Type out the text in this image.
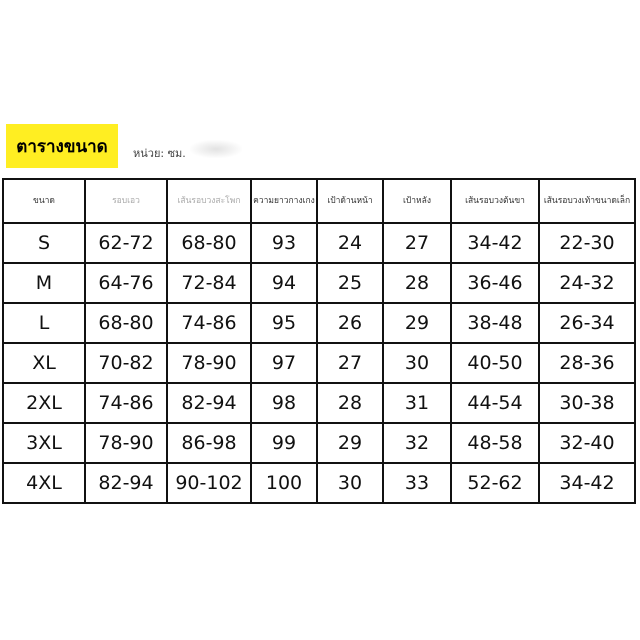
ตารางขนาด หน่วย: ซม.
ขนาด	รอบเอว	เส้นรอบวงสะโพก	ความยาวกางเกง	เป้าด้านหน้า	เป้าหลัง	เส้นรอบวงต้นขา	เส้นรอบวงเท้าขนาดเล็ก
S	62-72	68-80	93	24	27	34-42	22-30
M	64-76	72-84	94	25	28	36-46	24-32
L	68-80	74-86	95	26	29	38-48	26-34
XL	70-82	78-90	97	27	30	40-50	28-36
2XL	74-86	82-94	98	28	31	44-54	30-38
3XL	78-90	86-98	99	29	32	48-58	32-40
4XL	82-94	90-102	100	30	33	52-62	34-42
